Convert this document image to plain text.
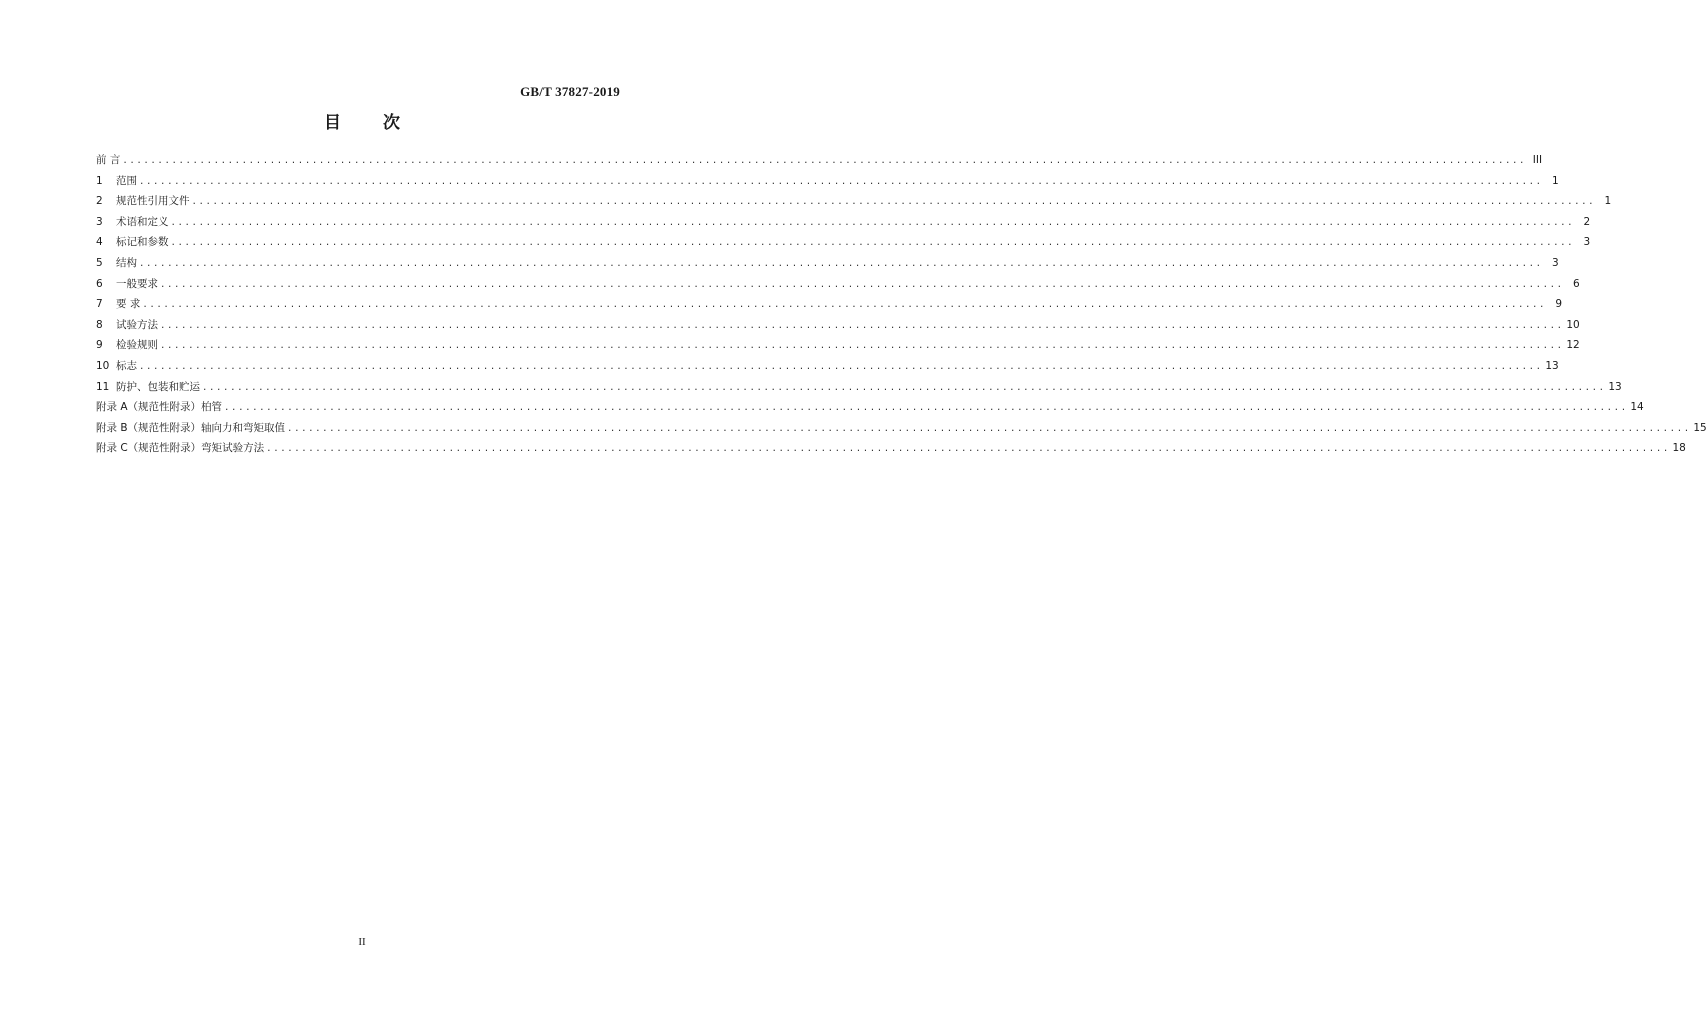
GB/T 37827-2019
目 次
前 言 ........................................................................................................................................................................................................ III
1	范围 ........................................................................................................................................................................................................ 1
2	规范性引用文件 ........................................................................................................................................................................................................ 1
3	术语和定义 ........................................................................................................................................................................................................ 2
4	标记和参数 ........................................................................................................................................................................................................ 3
5	结构 ........................................................................................................................................................................................................ 3
6	一般要求 ........................................................................................................................................................................................................ 6
7	要 求 ........................................................................................................................................................................................................ 9
8	试验方法 ........................................................................................................................................................................................................ 10
9	检验规则 ........................................................................................................................................................................................................ 12
10 标志 ........................................................................................................................................................................................................ 13
11 防护、包装和贮运 ........................................................................................................................................................................................................ 13
附录 A（规范性附录）柏管 ........................................................................................................................................................................................................ 14
附录 B（规范性附录）轴向力和弯矩取值 ........................................................................................................................................................................................................ 15
附录 C（规范性附录）弯矩试验方法 ........................................................................................................................................................................................................ 18
II
